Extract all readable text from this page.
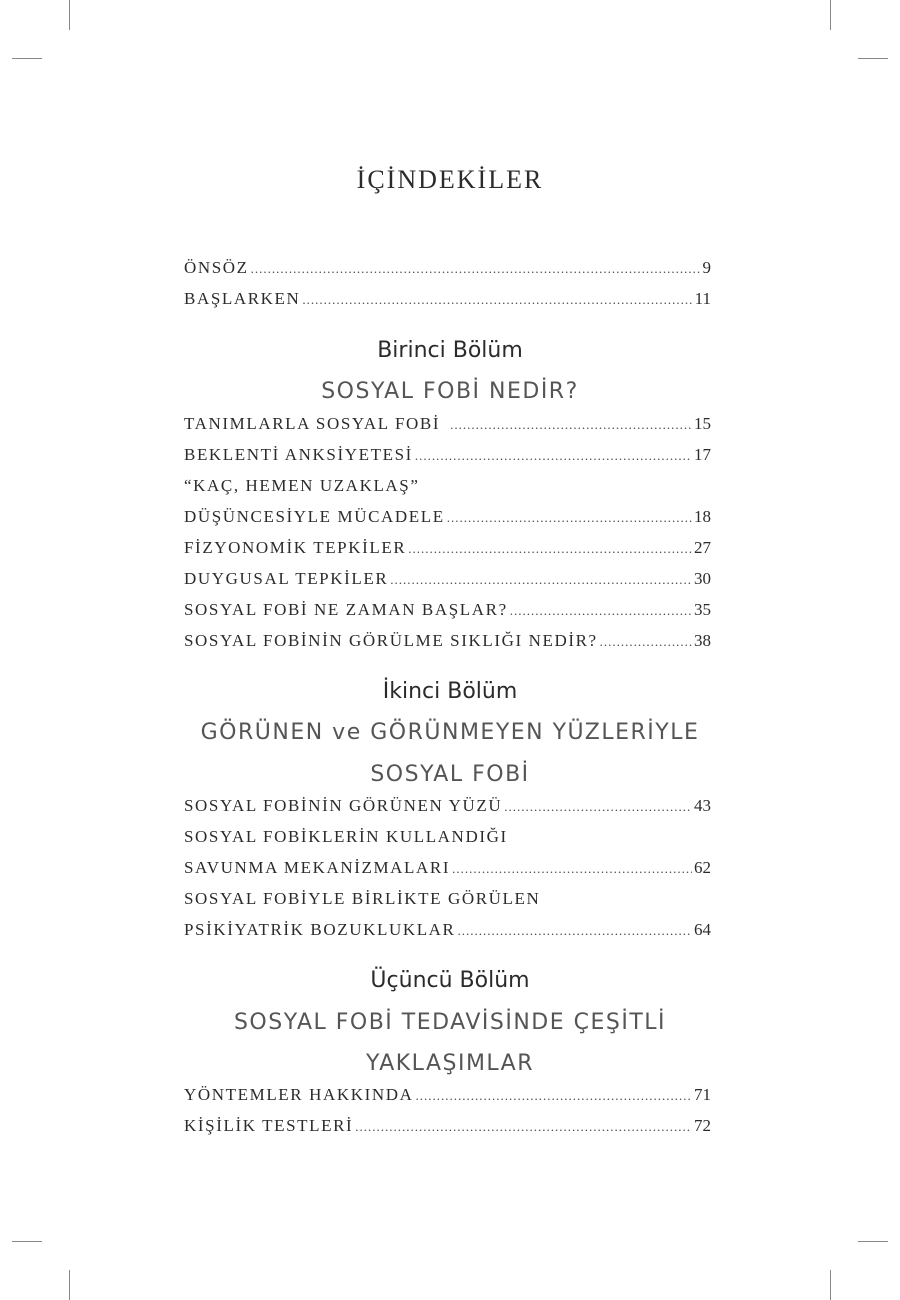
İÇİNDEKİLER
ÖNSÖZ .....	9
BAŞLARKEN .....	11
Birinci Bölüm
SOSYAL FOBİ NEDİR?
TANIMLARLA SOSYAL FOBİ .....	15
BEKLENTİ ANKSİYETESİ .....	17
“KAÇ, HEMEN UZAKLAŞ”
DÜŞÜNCESİYLE MÜCADELE .....	18
FİZYONOMİK TEPKİLER .....	27
DUYGUSAL TEPKİLER .....	30
SOSYAL FOBİ NE ZAMAN BAŞLAR? .....	35
SOSYAL FOBİNİN GÖRÜLME SIKLIĞI NEDİR? .....	38
İkinci Bölüm
GÖRÜNEN ve GÖRÜNMEYEN YÜZLERİYLE
SOSYAL FOBİ
SOSYAL FOBİNİN GÖRÜNEN YÜZÜ .....	43
SOSYAL FOBİKLERİN KULLANDIĞI
SAVUNMA MEKANİZMALARI .....	62
SOSYAL FOBİYLE BİRLİKTE GÖRÜLEN
PSİKİYATRİK BOZUKLUKLAR .....	64
Üçüncü Bölüm
SOSYAL FOBİ TEDAVİSİNDE ÇEŞİTLİ
YAKLAŞIMLAR
YÖNTEMLER HAKKINDA .....	71
KİŞİLİK TESTLERİ .....	72
